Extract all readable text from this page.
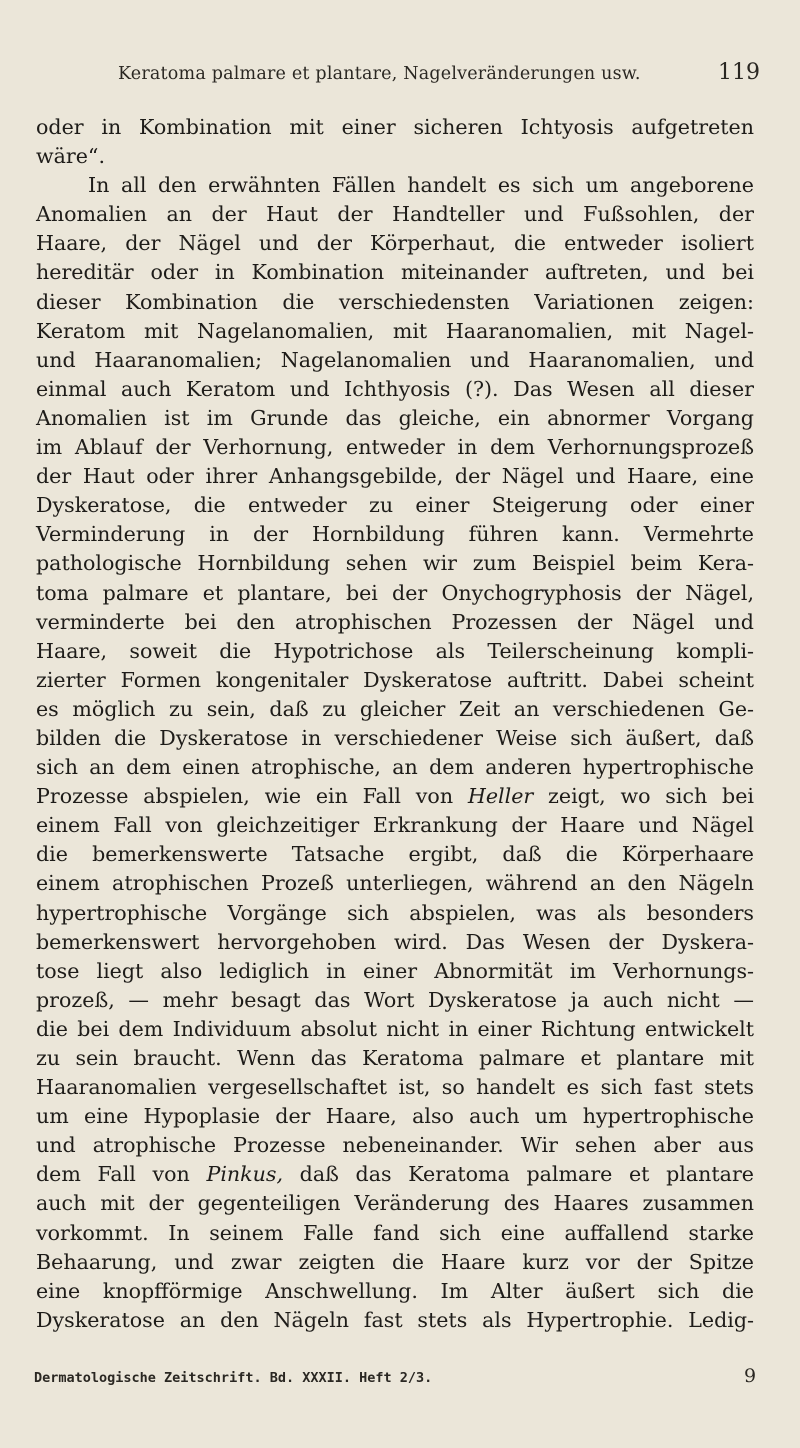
Keratoma palmare et plantare, Nagelveränderungen usw.	119
oder in Kombination mit einer sicheren Ichtyosis aufgetreten
wäre“.
In all den erwähnten Fällen handelt es sich um angeborene
Anomalien an der Haut der Handteller und Fußsohlen, der
Haare, der Nägel und der Körperhaut, die entweder isoliert
hereditär oder in Kombination miteinander auftreten, und bei
dieser Kombination die verschiedensten Variationen zeigen:
Keratom mit Nagelanomalien, mit Haaranomalien, mit Nagel-
und Haaranomalien; Nagelanomalien und Haaranomalien, und
einmal auch Keratom und Ichthyosis (?). Das Wesen all dieser
Anomalien ist im Grunde das gleiche, ein abnormer Vorgang
im Ablauf der Verhornung, entweder in dem Verhornungsprozeß
der Haut oder ihrer Anhangsgebilde, der Nägel und Haare, eine
Dyskeratose, die entweder zu einer Steigerung oder einer
Verminderung in der Hornbildung führen kann. Vermehrte
pathologische Hornbildung sehen wir zum Beispiel beim Kera-
toma palmare et plantare, bei der Onychogryphosis der Nägel,
verminderte bei den atrophischen Prozessen der Nägel und
Haare, soweit die Hypotrichose als Teilerscheinung kompli-
zierter Formen kongenitaler Dyskeratose auftritt. Dabei scheint
es möglich zu sein, daß zu gleicher Zeit an verschiedenen Ge-
bilden die Dyskeratose in verschiedener Weise sich äußert, daß
sich an dem einen atrophische, an dem anderen hypertrophische
Prozesse abspielen, wie ein Fall von Heller zeigt, wo sich bei
einem Fall von gleichzeitiger Erkrankung der Haare und Nägel
die bemerkenswerte Tatsache ergibt, daß die Körperhaare
einem atrophischen Prozeß unterliegen, während an den Nägeln
hypertrophische Vorgänge sich abspielen, was als besonders
bemerkenswert hervorgehoben wird. Das Wesen der Dyskera-
tose liegt also lediglich in einer Abnormität im Verhornungs-
prozeß, — mehr besagt das Wort Dyskeratose ja auch nicht —
die bei dem Individuum absolut nicht in einer Richtung entwickelt
zu sein braucht. Wenn das Keratoma palmare et plantare mit
Haaranomalien vergesellschaftet ist, so handelt es sich fast stets
um eine Hypoplasie der Haare, also auch um hypertrophische
und atrophische Prozesse nebeneinander. Wir sehen aber aus
dem Fall von Pinkus, daß das Keratoma palmare et plantare
auch mit der gegenteiligen Veränderung des Haares zusammen
vorkommt. In seinem Falle fand sich eine auffallend starke
Behaarung, und zwar zeigten die Haare kurz vor der Spitze
eine knopfförmige Anschwellung. Im Alter äußert sich die
Dyskeratose an den Nägeln fast stets als Hypertrophie. Ledig-
Dermatologische Zeitschrift. Bd. XXXII. Heft 2/3.	9
